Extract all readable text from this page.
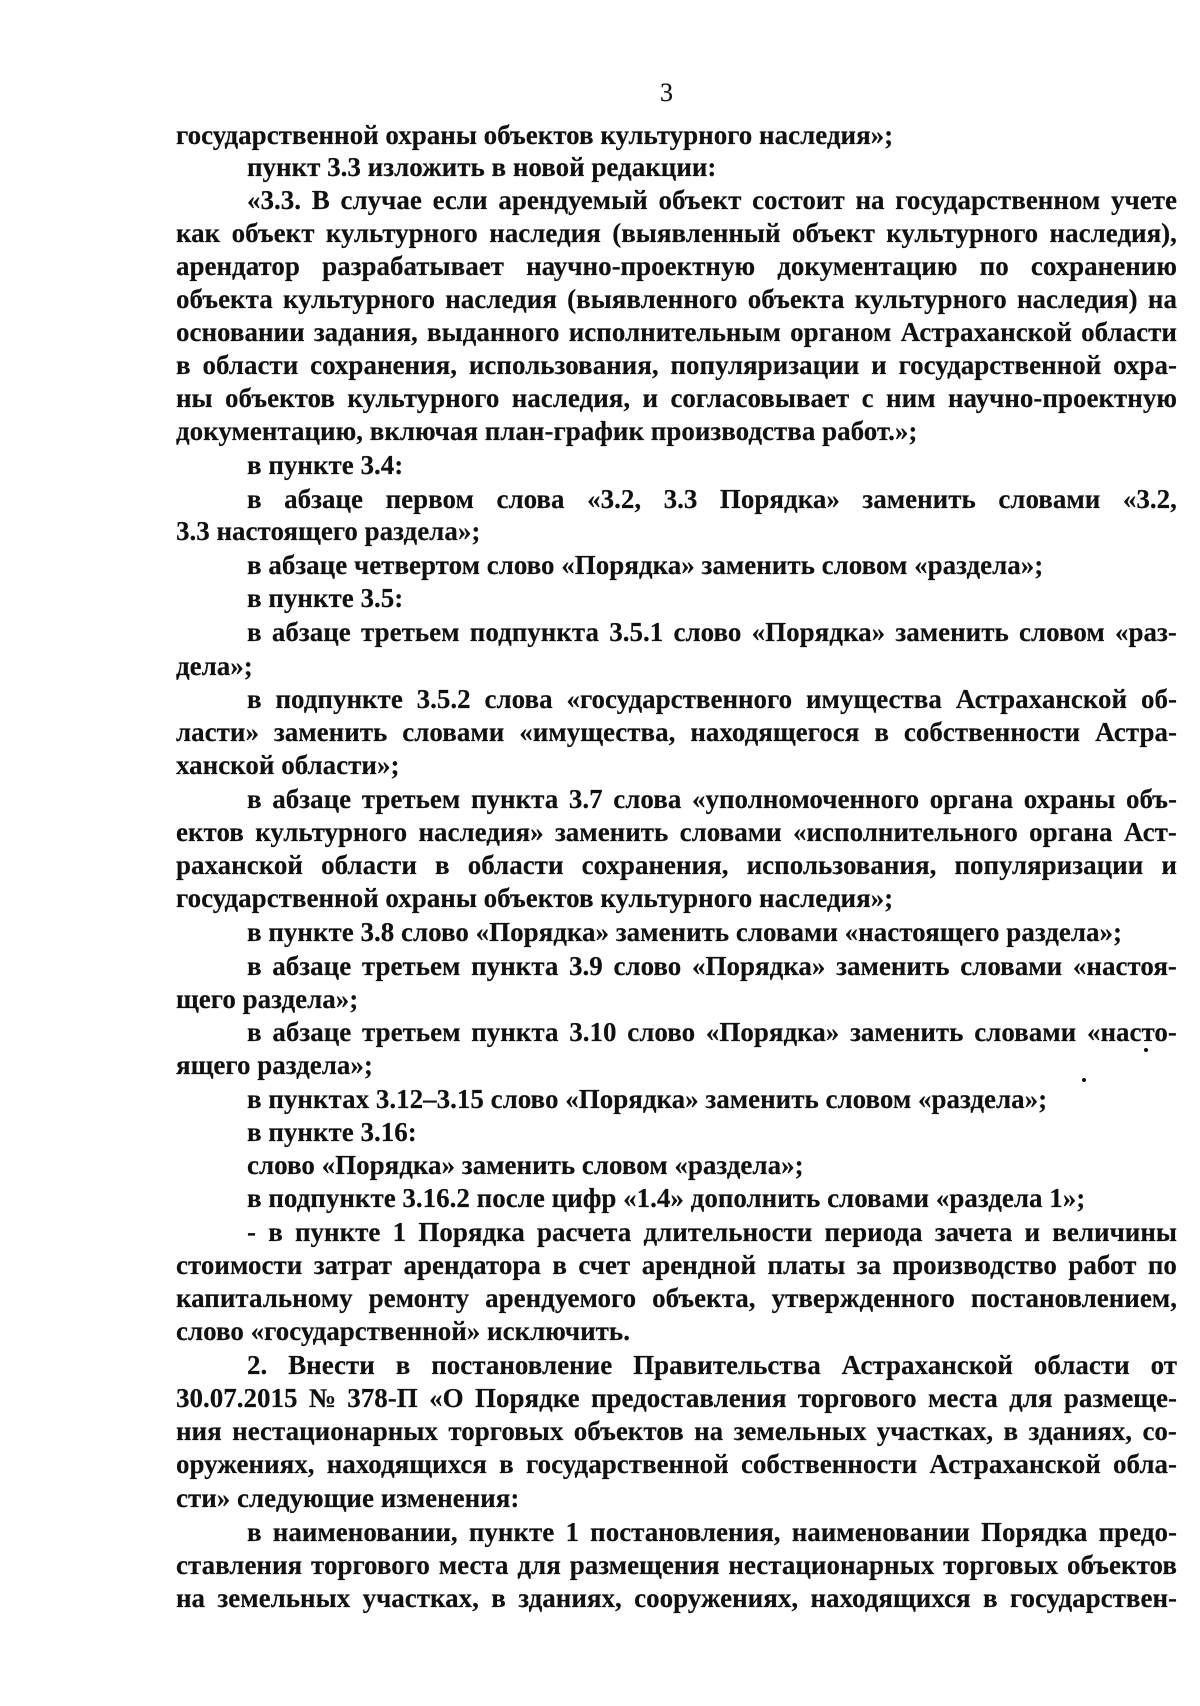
3
государственной охраны объектов культурного наследия»;
пункт 3.3 изложить в новой редакции:
«3.3. В случае если арендуемый объект состоит на государственном учете
как объект культурного наследия (выявленный объект культурного наследия),
арендатор разрабатывает научно-проектную документацию по сохранению
объекта культурного наследия (выявленного объекта культурного наследия) на
основании задания, выданного исполнительным органом Астраханской области
в области сохранения, использования, популяризации и государственной охра-
ны объектов культурного наследия, и согласовывает с ним научно-проектную
документацию, включая план-график производства работ.»;
в пункте 3.4:
в абзаце первом слова «3.2, 3.3 Порядка» заменить словами «3.2,
3.3 настоящего раздела»;
в абзаце четвертом слово «Порядка» заменить словом «раздела»;
в пункте 3.5:
в абзаце третьем подпункта 3.5.1 слово «Порядка» заменить словом «раз-
дела»;
в подпункте 3.5.2 слова «государственного имущества Астраханской об-
ласти» заменить словами «имущества, находящегося в собственности Астра-
ханской области»;
в абзаце третьем пункта 3.7 слова «уполномоченного органа охраны объ-
ектов культурного наследия» заменить словами «исполнительного органа Аст-
раханской области в области сохранения, использования, популяризации и
государственной охраны объектов культурного наследия»;
в пункте 3.8 слово «Порядка» заменить словами «настоящего раздела»;
в абзаце третьем пункта 3.9 слово «Порядка» заменить словами «настоя-
щего раздела»;
в абзаце третьем пункта 3.10 слово «Порядка» заменить словами «насто-
ящего раздела»;
в пунктах 3.12–3.15 слово «Порядка» заменить словом «раздела»;
в пункте 3.16:
слово «Порядка» заменить словом «раздела»;
в подпункте 3.16.2 после цифр «1.4» дополнить словами «раздела 1»;
- в пункте 1 Порядка расчета длительности периода зачета и величины
стоимости затрат арендатора в счет арендной платы за производство работ по
капитальному ремонту арендуемого объекта, утвержденного постановлением,
слово «государственной» исключить.
2. Внести в постановление Правительства Астраханской области от
30.07.2015 № 378-П «О Порядке предоставления торгового места для размеще-
ния нестационарных торговых объектов на земельных участках, в зданиях, со-
оружениях, находящихся в государственной собственности Астраханской обла-
сти» следующие изменения:
в наименовании, пункте 1 постановления, наименовании Порядка предо-
ставления торгового места для размещения нестационарных торговых объектов
на земельных участках, в зданиях, сооружениях, находящихся в государствен-
